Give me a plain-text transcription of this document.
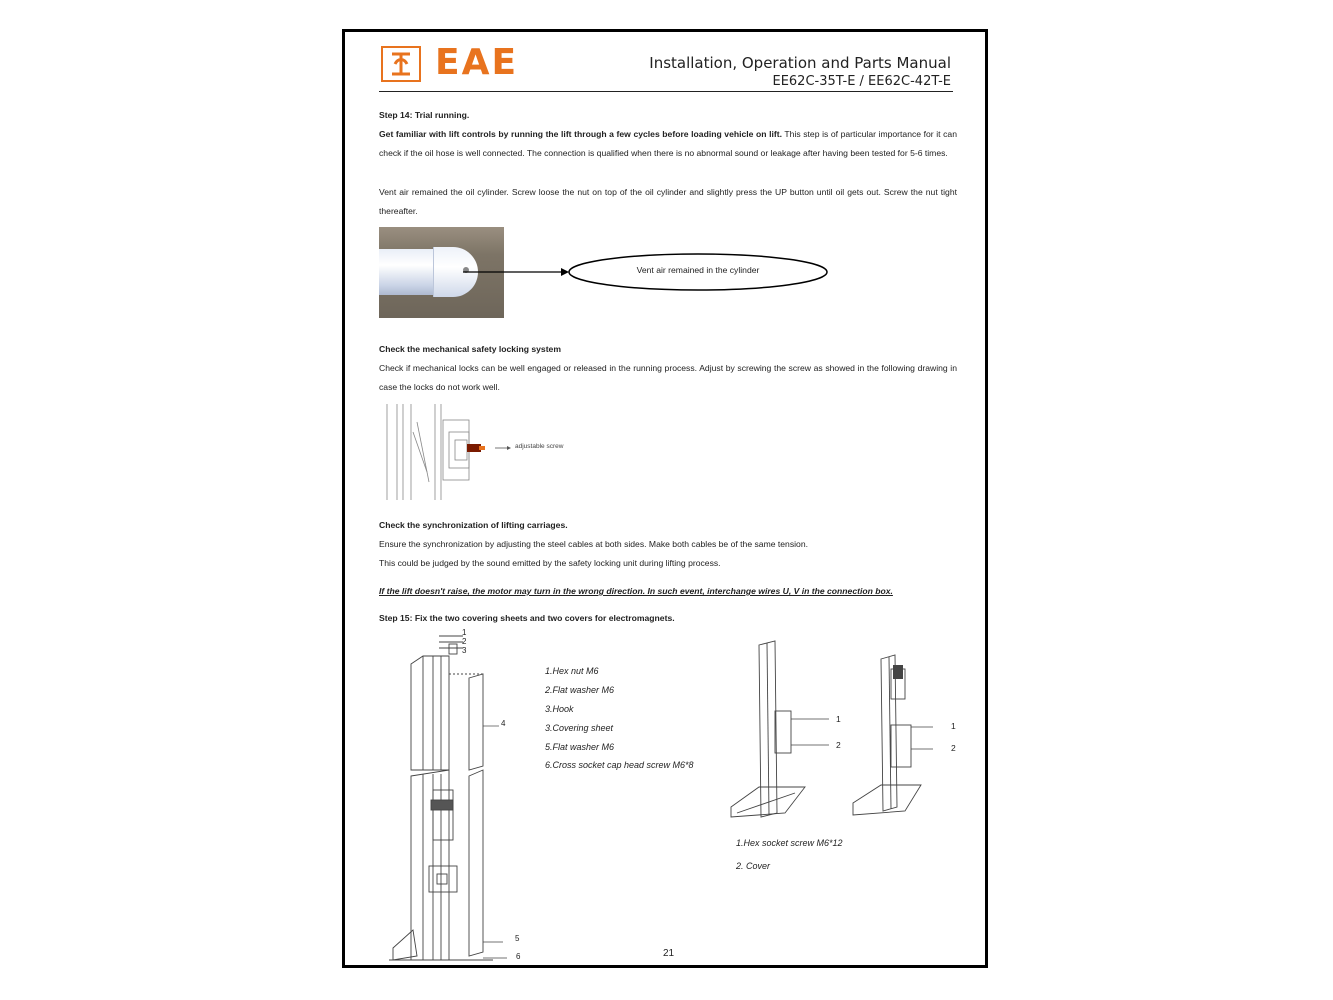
EAE	Installation, Operation and Parts Manual
EE62C-35T-E / EE62C-42T-E
Step 14: Trial running.
Get familiar with lift controls by running the lift through a few cycles before loading vehicle on lift. This step is of particular importance for it can check if the oil hose is well connected. The connection is qualified when there is no abnormal sound or leakage after having been tested for 5-6 times.
Vent air remained the oil cylinder. Screw loose the nut on top of the oil cylinder and slightly press the UP button until oil gets out. Screw the nut tight thereafter.
Vent air remained in the cylinder
Check the mechanical safety locking system
Check if mechanical locks can be well engaged or released in the running process. Adjust by screwing the screw as showed in the following drawing in case the locks do not work well.
adjustable screw
Check the synchronization of lifting carriages.
Ensure the synchronization by adjusting the steel cables at both sides. Make both cables be of the same tension.
This could be judged by the sound emitted by the safety locking unit during lifting process.
If the lift doesn't raise, the motor may turn in the wrong direction. In such event, interchange wires U, V in the connection box.
Step 15: Fix the two covering sheets and two covers for electromagnets.
1
2
3
4
5
6
1.Hex nut M6
2.Flat washer M6
3.Hook
3.Covering sheet
5.Flat washer M6
6.Cross socket cap head screw M6*8
1
2
1
2
1.Hex socket screw M6*12
2. Cover
21
